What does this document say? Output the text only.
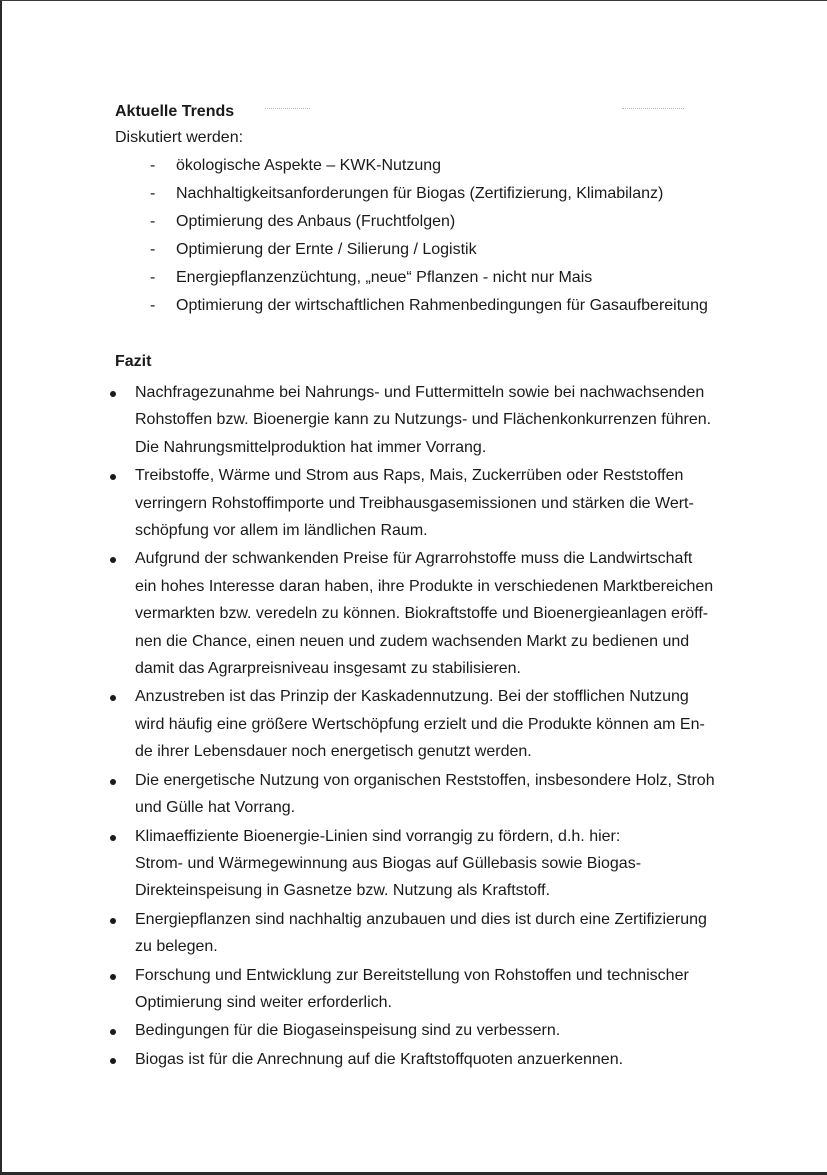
Aktuelle Trends

Diskutiert werden:

- ökologische Aspekte – KWK-Nutzung
- Nachhaltigkeitsanforderungen für Biogas (Zertifizierung, Klimabilanz)
- Optimierung des Anbaus (Fruchtfolgen)
- Optimierung der Ernte / Silierung / Logistik
- Energiepflanzenzüchtung, „neue“ Pflanzen - nicht nur Mais
- Optimierung der wirtschaftlichen Rahmenbedingungen für Gasaufbereitung
Fazit
Nachfragezunahme bei Nahrungs- und Futtermitteln sowie bei nachwachsenden
Rohstoffen bzw. Bioenergie kann zu Nutzungs- und Flächenkonkurrenzen führen.
Die Nahrungsmittelproduktion hat immer Vorrang.
Treibstoffe, Wärme und Strom aus Raps, Mais, Zuckerrüben oder Reststoffen
verringern Rohstoffimporte und Treibhausgasemissionen und stärken die Wert-
schöpfung vor allem im ländlichen Raum.
Aufgrund der schwankenden Preise für Agrarrohstoffe muss die Landwirtschaft
ein hohes Interesse daran haben, ihre Produkte in verschiedenen Marktbereichen
vermarkten bzw. veredeln zu können. Biokraftstoffe und Bioenergieanlagen eröff-
nen die Chance, einen neuen und zudem wachsenden Markt zu bedienen und
damit das Agrarpreisniveau insgesamt zu stabilisieren.
Anzustreben ist das Prinzip der Kaskadennutzung. Bei der stofflichen Nutzung
wird häufig eine größere Wertschöpfung erzielt und die Produkte können am En-
de ihrer Lebensdauer noch energetisch genutzt werden.
Die energetische Nutzung von organischen Reststoffen, insbesondere Holz, Stroh
und Gülle hat Vorrang.
Klimaeffiziente Bioenergie-Linien sind vorrangig zu fördern, d.h. hier:
Strom- und Wärmegewinnung aus Biogas auf Güllebasis sowie Biogas-
Direkteinspeisung in Gasnetze bzw. Nutzung als Kraftstoff.
Energiepflanzen sind nachhaltig anzubauen und dies ist durch eine Zertifizierung
zu belegen.
Forschung und Entwicklung zur Bereitstellung von Rohstoffen und technischer
Optimierung sind weiter erforderlich.
Bedingungen für die Biogaseinspeisung sind zu verbessern.
Biogas ist für die Anrechnung auf die Kraftstoffquoten anzuerkennen.
